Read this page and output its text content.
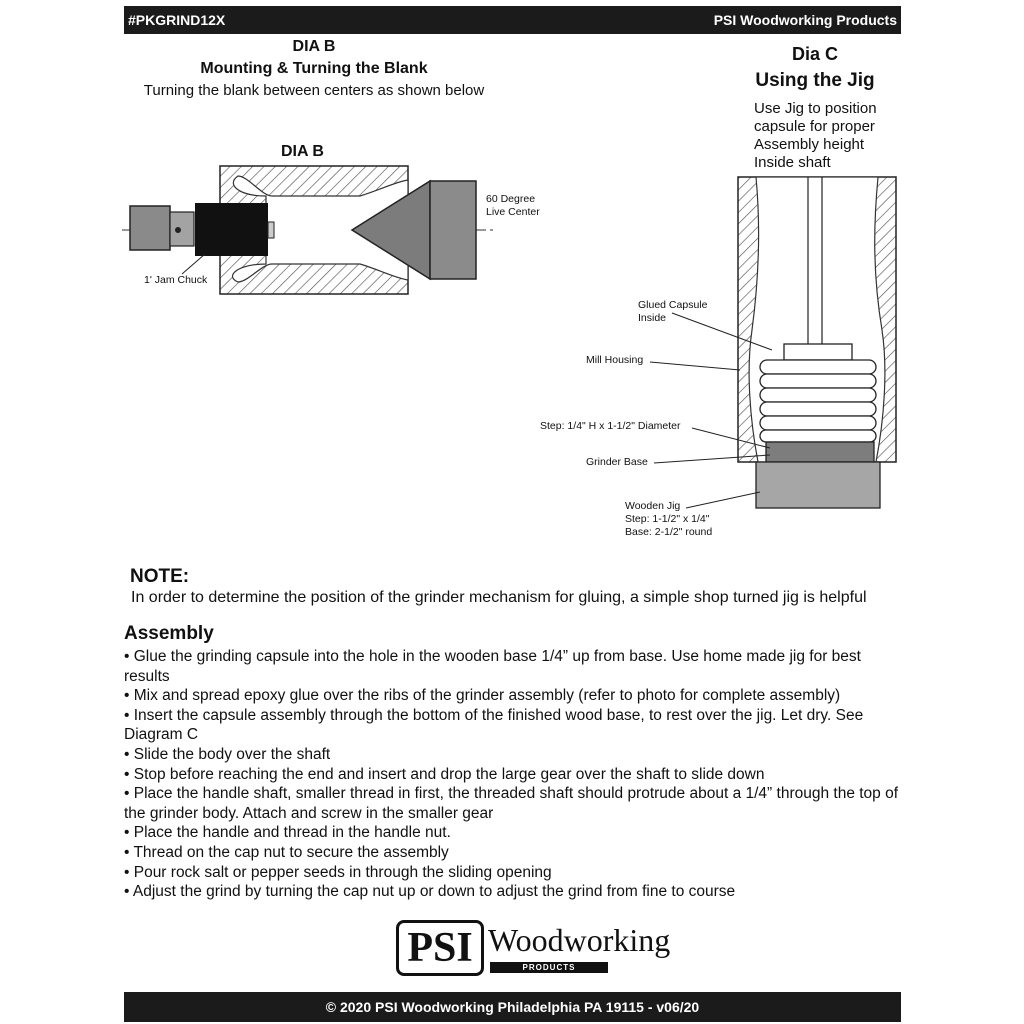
#PKGRIND12X	PSI Woodworking Products
DIA B
Mounting & Turning the Blank
Turning the blank between centers as shown below
Dia C
Using the Jig
Use Jig to position
capsule for proper
Assembly height
Inside shaft
DIA B
60 Degree
Live Center
1' Jam Chuck
Glued Capsule
Inside
Mill Housing
Step: 1/4" H x 1-1/2" Diameter
Grinder Base
Wooden Jig
Step: 1-1/2" x 1/4"
Base: 2-1/2" round
NOTE:
In order to determine the position of the grinder mechanism for gluing, a simple shop turned jig is helpful
Assembly
• Glue the grinding capsule into the hole in the wooden base 1/4” up from base. Use home made jig for best results
• Mix and spread epoxy glue over the ribs of the grinder assembly (refer to photo for complete assembly)
• Insert the capsule assembly through the bottom of the finished wood base, to rest over the jig. Let dry. See Diagram C
• Slide the body over the shaft
• Stop before reaching the end and insert and drop the large gear over the shaft to slide down
• Place the handle shaft, smaller thread in first, the threaded shaft should protrude about a 1/4” through the top of the grinder body. Attach and screw in the smaller gear
• Place the handle and thread in the handle nut.
• Thread on the cap nut to secure the assembly
• Pour rock salt or pepper seeds in through the sliding opening
• Adjust the grind by turning the cap nut up or down to adjust the grind from fine to course
PSI Woodworking
PRODUCTS
© 2020 PSI Woodworking Philadelphia PA 19115 - v06/20
